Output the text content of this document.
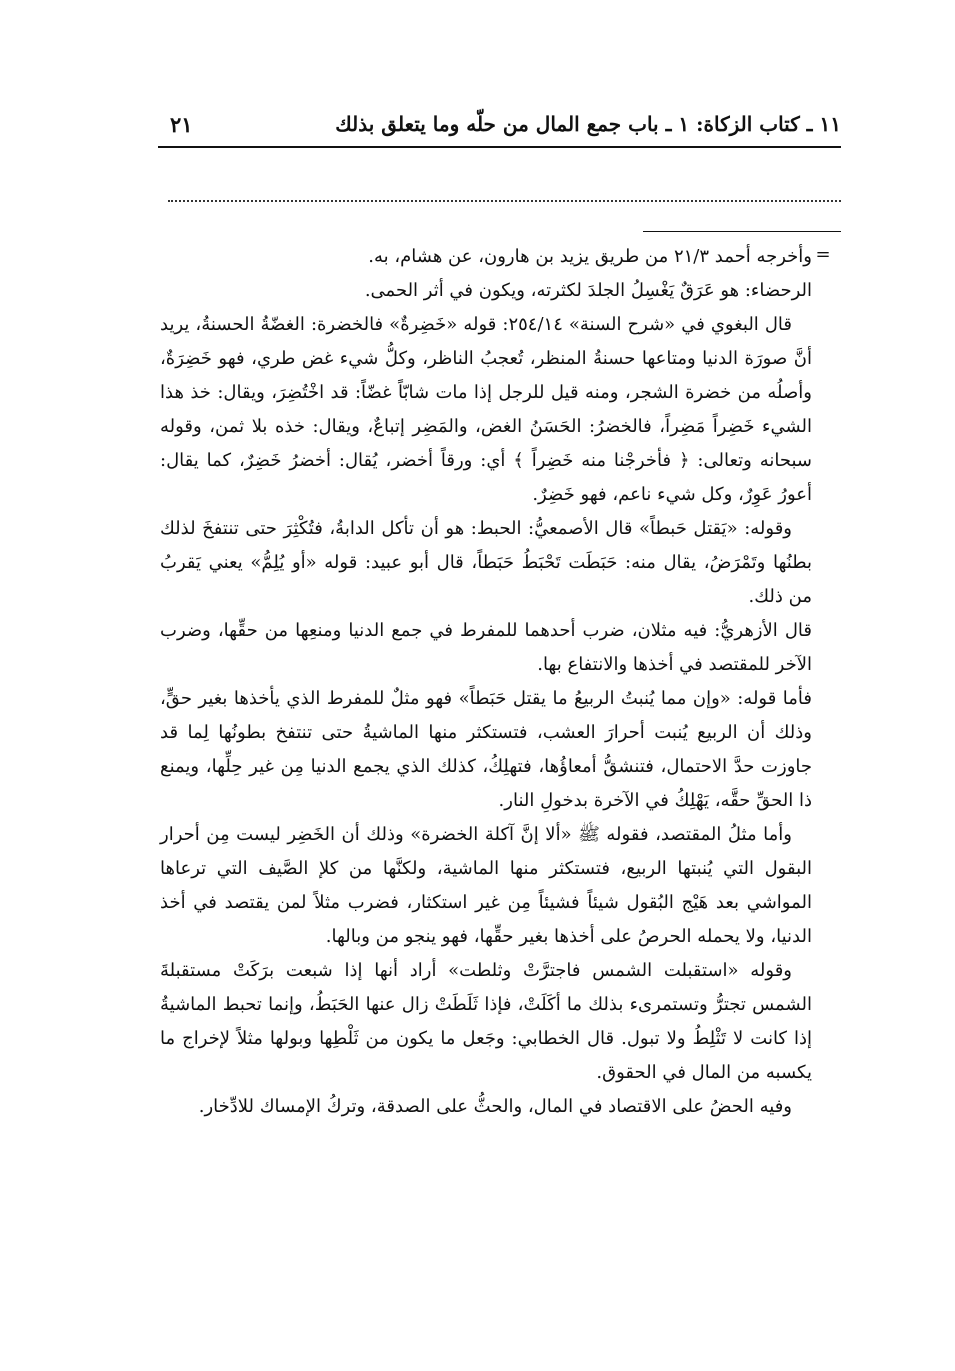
١١ ـ كتاب الزكاة: ١ ـ باب جمع المال من حلّه وما يتعلق بذلك
٢١
=

وأخرجه أحمد ٢١/٣ من طريق يزيد بن هارون، عن هشام، به.

الرحضاء: هو عَرَقٌ يَغْسِلُ الجلدَ لكثرته، ويكون في أثر الحمى.

قال البغوي في «شرح السنة» ٢٥٤/١٤: قوله «خَضِرةٌ» فالخضرة: الغضّةُ الحسنةُ، يريد أنَّ صورَة الدنيا ومتاعها حسنةُ المنظر، تُعجبُ الناظر، وكلُّ شيء غض طري، فهو خَضِرَةٌ، وأصلُه من خضرة الشجر، ومنه قيل للرجل إذا مات شابّاً غضّاً: قد اخْتُضِرَ، ويقال: خذ هذا الشيء خَضِراً مَضِراً، فالخضرُ: الحَسَنُ الغض، والمَضِر إتباعٌ، ويقال: خذه بلا ثمن، وقوله سبحانه وتعالى: ﴿ فأخرجْنا منه خَضِراً ﴾ أي: ورقاً أخضر، يُقال: أخضرُ خَضِرٌ، كما يقال: أعورُ عَوِرٌ، وكل شيء ناعم، فهو خَضِرٌ.

وقوله: «يَقتل حَبطاً» قال الأصمعيُّ: الحبط: هو أن تأكل الدابةُ، فتُكْثِرَ حتى تنتفخَ لذلك بطنُها وتَمْرَضُ، يقال منه: حَبَطَت تَحْبَطُ حَبَطاً، قال أبو عبيد: قوله «أو يُلِمُّ» يعني يَقربُ من ذلك.

قال الأزهريُّ: فيه مثلان، ضرب أحدهما للمفرط في جمع الدنيا ومنعِها من حقِّها، وضرب الآخر للمقتصد في أخذها والانتفاع بها.

فأما قوله: «وإن مما يُنبتُ الربيعُ ما يقتل حَبَطاً» فهو مثلٌ للمفرط الذي يأخذها بغير حقٍّ، وذلك أن الربيع يُنبت أحرارَ العشب، فتستكثر منها الماشيةُ حتى تنتفخ بطونُها لِما قد جاوزت حدَّ الاحتمال، فتنشقُّ أمعاؤُها، فتهلِكُ، كذلك الذي يجمع الدنيا مِن غير حِلِّها، ويمنع ذا الحقِّ حقَّه، يَهْلِكُ في الآخرة بدخولِ النار.

وأما مثلُ المقتصد، فقوله ﷺ «ألا إنَّ آكلة الخضرة» وذلك أن الخَضِر ليست مِن أحرار البقول التي يُنبتها الربيع، فتستكثر منها الماشية، ولكنَّها من كلإ الصَّيف التي ترعاها المواشي بعد هَيْج البُقول شيئاً فشيئاً مِن غير استكثار، فضرب مثلاً لمن يقتصد في أخذ الدنيا، ولا يحمله الحرصُ على أخذها بغير حقِّها، فهو ينجو من وبالها.

وقوله «استقبلت الشمس فاجترَّتْ وثلطت» أراد أنها إذا شبعت برَكَتْ مستقبلةَ الشمس تجترُّ وتستمرىء بذلك ما أكَلَتْ، فإذا ثَلَطَتْ زال عنها الحَبَطُ، وإنما تحبط الماشيةُ إذا كانت لا تَثْلِطُ ولا تبول. قال الخطابي: وجَعل ما يكون من ثَلْطِها وبولها مثلاً لإخراج ما يكسبه من المال في الحقوق.

وفيه الحضُ على الاقتصاد في المال، والحثُّ على الصدقة، وتركُ الإمساك للادِّخار.
